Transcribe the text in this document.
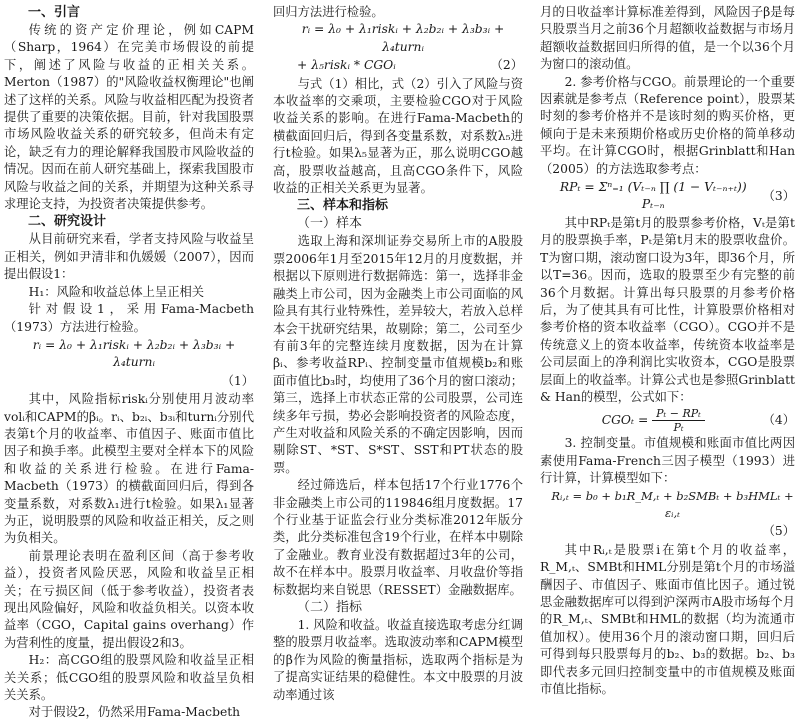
一、引言

传统的资产定价理论，例如CAPM（Sharp，1964）在完美市场假设的前提下，阐述了风险与收益的正相关关系。Merton（1987）的"风险收益权衡理论"也阐述了这样的关系。风险与收益相匹配为投资者提供了重要的决策依据。目前，针对我国股票市场风险收益关系的研究较多，但尚未有定论，缺乏有力的理论解释我国股市风险收益的情况。因而在前人研究基础上，探索我国股市风险与收益之间的关系，并期望为这种关系寻求理论支持，为投资者决策提供参考。

二、研究设计

从目前研究来看，学者支持风险与收益呈正相关，例如尹清非和仇媛媛（2007），因而提出假设1：

H₁：风险和收益总体上呈正相关

针对假设1，采用Fama-Macbeth（1973）方法进行检验。

rᵢ = λ₀ + λ₁riskᵢ + λ₂b₂ᵢ + λ₃b₃ᵢ + λ₄turnᵢ
（1）

其中，风险指标riskᵢ分别使用月波动率volᵢ和CAPM的βᵢ。rᵢ、b₂ᵢ、b₃ᵢ和turnᵢ分别代表第t个月的收益率、市值因子、账面市值比因子和换手率。此模型主要对全样本下的风险和收益的关系进行检验。在进行Fama-Macbeth（1973）的横截面回归后，得到各变量系数，对系数λ₁进行t检验。如果λ₁显著为正，说明股票的风险和收益正相关，反之则为负相关。

前景理论表明在盈利区间（高于参考收益），投资者风险厌恶，风险和收益呈正相关；在亏损区间（低于参考收益），投资者表现出风险偏好，风险和收益负相关。以资本收益率（CGO，Capital gains overhang）作为营利性的度量，提出假设2和3。

H₂：高CGO组的股票风险和收益呈正相关关系；低CGO组的股票风险和收益呈负相关关系。

对于假设2，仍然采用Fama-Macbeth

回归方法进行检验。

rᵢ = λ₀ + λ₁riskᵢ + λ₂b₂ᵢ + λ₃b₃ᵢ + λ₄turnᵢ
+ λ₅riskᵢ * CGOᵢ	（2）

与式（1）相比，式（2）引入了风险与资本收益率的交乘项，主要检验CGO对于风险收益关系的影响。在进行Fama-Macbeth的横截面回归后，得到各变量系数，对系数λ₅进行t检验。如果λ₅显著为正，那么说明CGO越高，股票收益越高，且高CGO条件下，风险收益的正相关关系更为显著。

三、样本和指标
（一）样本

选取上海和深圳证券交易所上市的A股股票2006年1月至2015年12月的月度数据，并根据以下原则进行数据筛选：第一，选择非金融类上市公司，因为金融类上市公司面临的风险具有其行业特殊性，差异较大，若放入总样本会干扰研究结果，故剔除；第二，公司至少有前3年的完整连续月度数据，因为在计算βᵢ、参考收益RPᵢ、控制变量市值规模b₂和账面市值比b₃时，均使用了36个月的窗口滚动；第三，选择上市状态正常的公司股票，公司连续多年亏损，势必会影响投资者的风险态度，产生对收益和风险关系的不确定因影响，因而剔除ST、*ST、S*ST、SST和PT状态的股票。

经过筛选后，样本包括17个行业1776个非金融类上市公司的119846组月度数据。17个行业基于证监会行业分类标准2012年版分类，此分类标准包含19个行业，在样本中剔除了金融业。教育业没有数据超过3年的公司，故不在样本中。股票月收益率、月收盘价等指标数据均来自锐思（RESSET）金融数据库。

（二）指标

1. 风险和收益。收益直接选取考虑分红调整的股票月收益率。选取波动率和CAPM模型的β作为风险的衡量指标，选取两个指标是为了提高实证结果的稳健性。本文中股票的月波动率通过该

月的日收益率计算标准差得到，风险因子β是每只股票当月之前36个月超额收益数据与市场月超额收益数据回归所得的值，是一个以36个月为窗口的滚动值。

2. 参考价格与CGO。前景理论的一个重要因素就是参考点（Reference point），股票某时刻的参考价格并不是该时刻的购买价格，更倾向于是未来预期价格或历史价格的简单移动平均。在计算CGO时，根据Grinblatt和Han（2005）的方法选取参考点：

RPₜ = Σⁿ₌₁ (Vₜ₋ₙ ∏ (1 − Vₜ₋ₙ₊ₜ)) Pₜ₋ₙ
（3）

其中RPₜ是第t月的股票参考价格，Vₜ是第t月的股票换手率，Pₜ是第t月末的股票收盘价。T为窗口期，滚动窗口设为3年，即36个月，所以T=36。因而，选取的股票至少有完整的前36个月数据。计算出每只股票的月参考价格后，为了使其具有可比性，计算股票价格相对参考价格的资本收益率（CGO）。CGO并不是传统意义上的资本收益率，传统资本收益率是公司层面上的净利润比实收资本，CGO是股票层面上的收益率。计算公式也是参照Grinblatt & Han的模型，公式如下：

$CGO_t = \frac{\text{Pₜ − RPₜ}}{\text{Pₜ}}$	（4）

3. 控制变量。市值规模和账面市值比两因素使用Fama-French三因子模型（1993）进行计算，计算模型如下：

Rᵢ,ₜ = b₀ + b₁R_M,ₜ + b₂SMBₜ + b₃HMLₜ + εᵢ,ₜ
（5）

其中Rᵢ,ₜ是股票i在第t个月的收益率，R_M,ₜ、SMBt和HML分别是第t个月的市场溢酬因子、市值因子、账面市值比因子。通过锐思金融数据库可以得到沪深两市A股市场每个月的R_M,ₜ、SMBt和HML的数据（均为流通市值加权）。使用36个月的滚动窗口期，回归后可得到每只股票每月的b₂、b₃的数据。b₂、b₃即代表多元回归控制变量中的市值规模及账面市值比指标。
